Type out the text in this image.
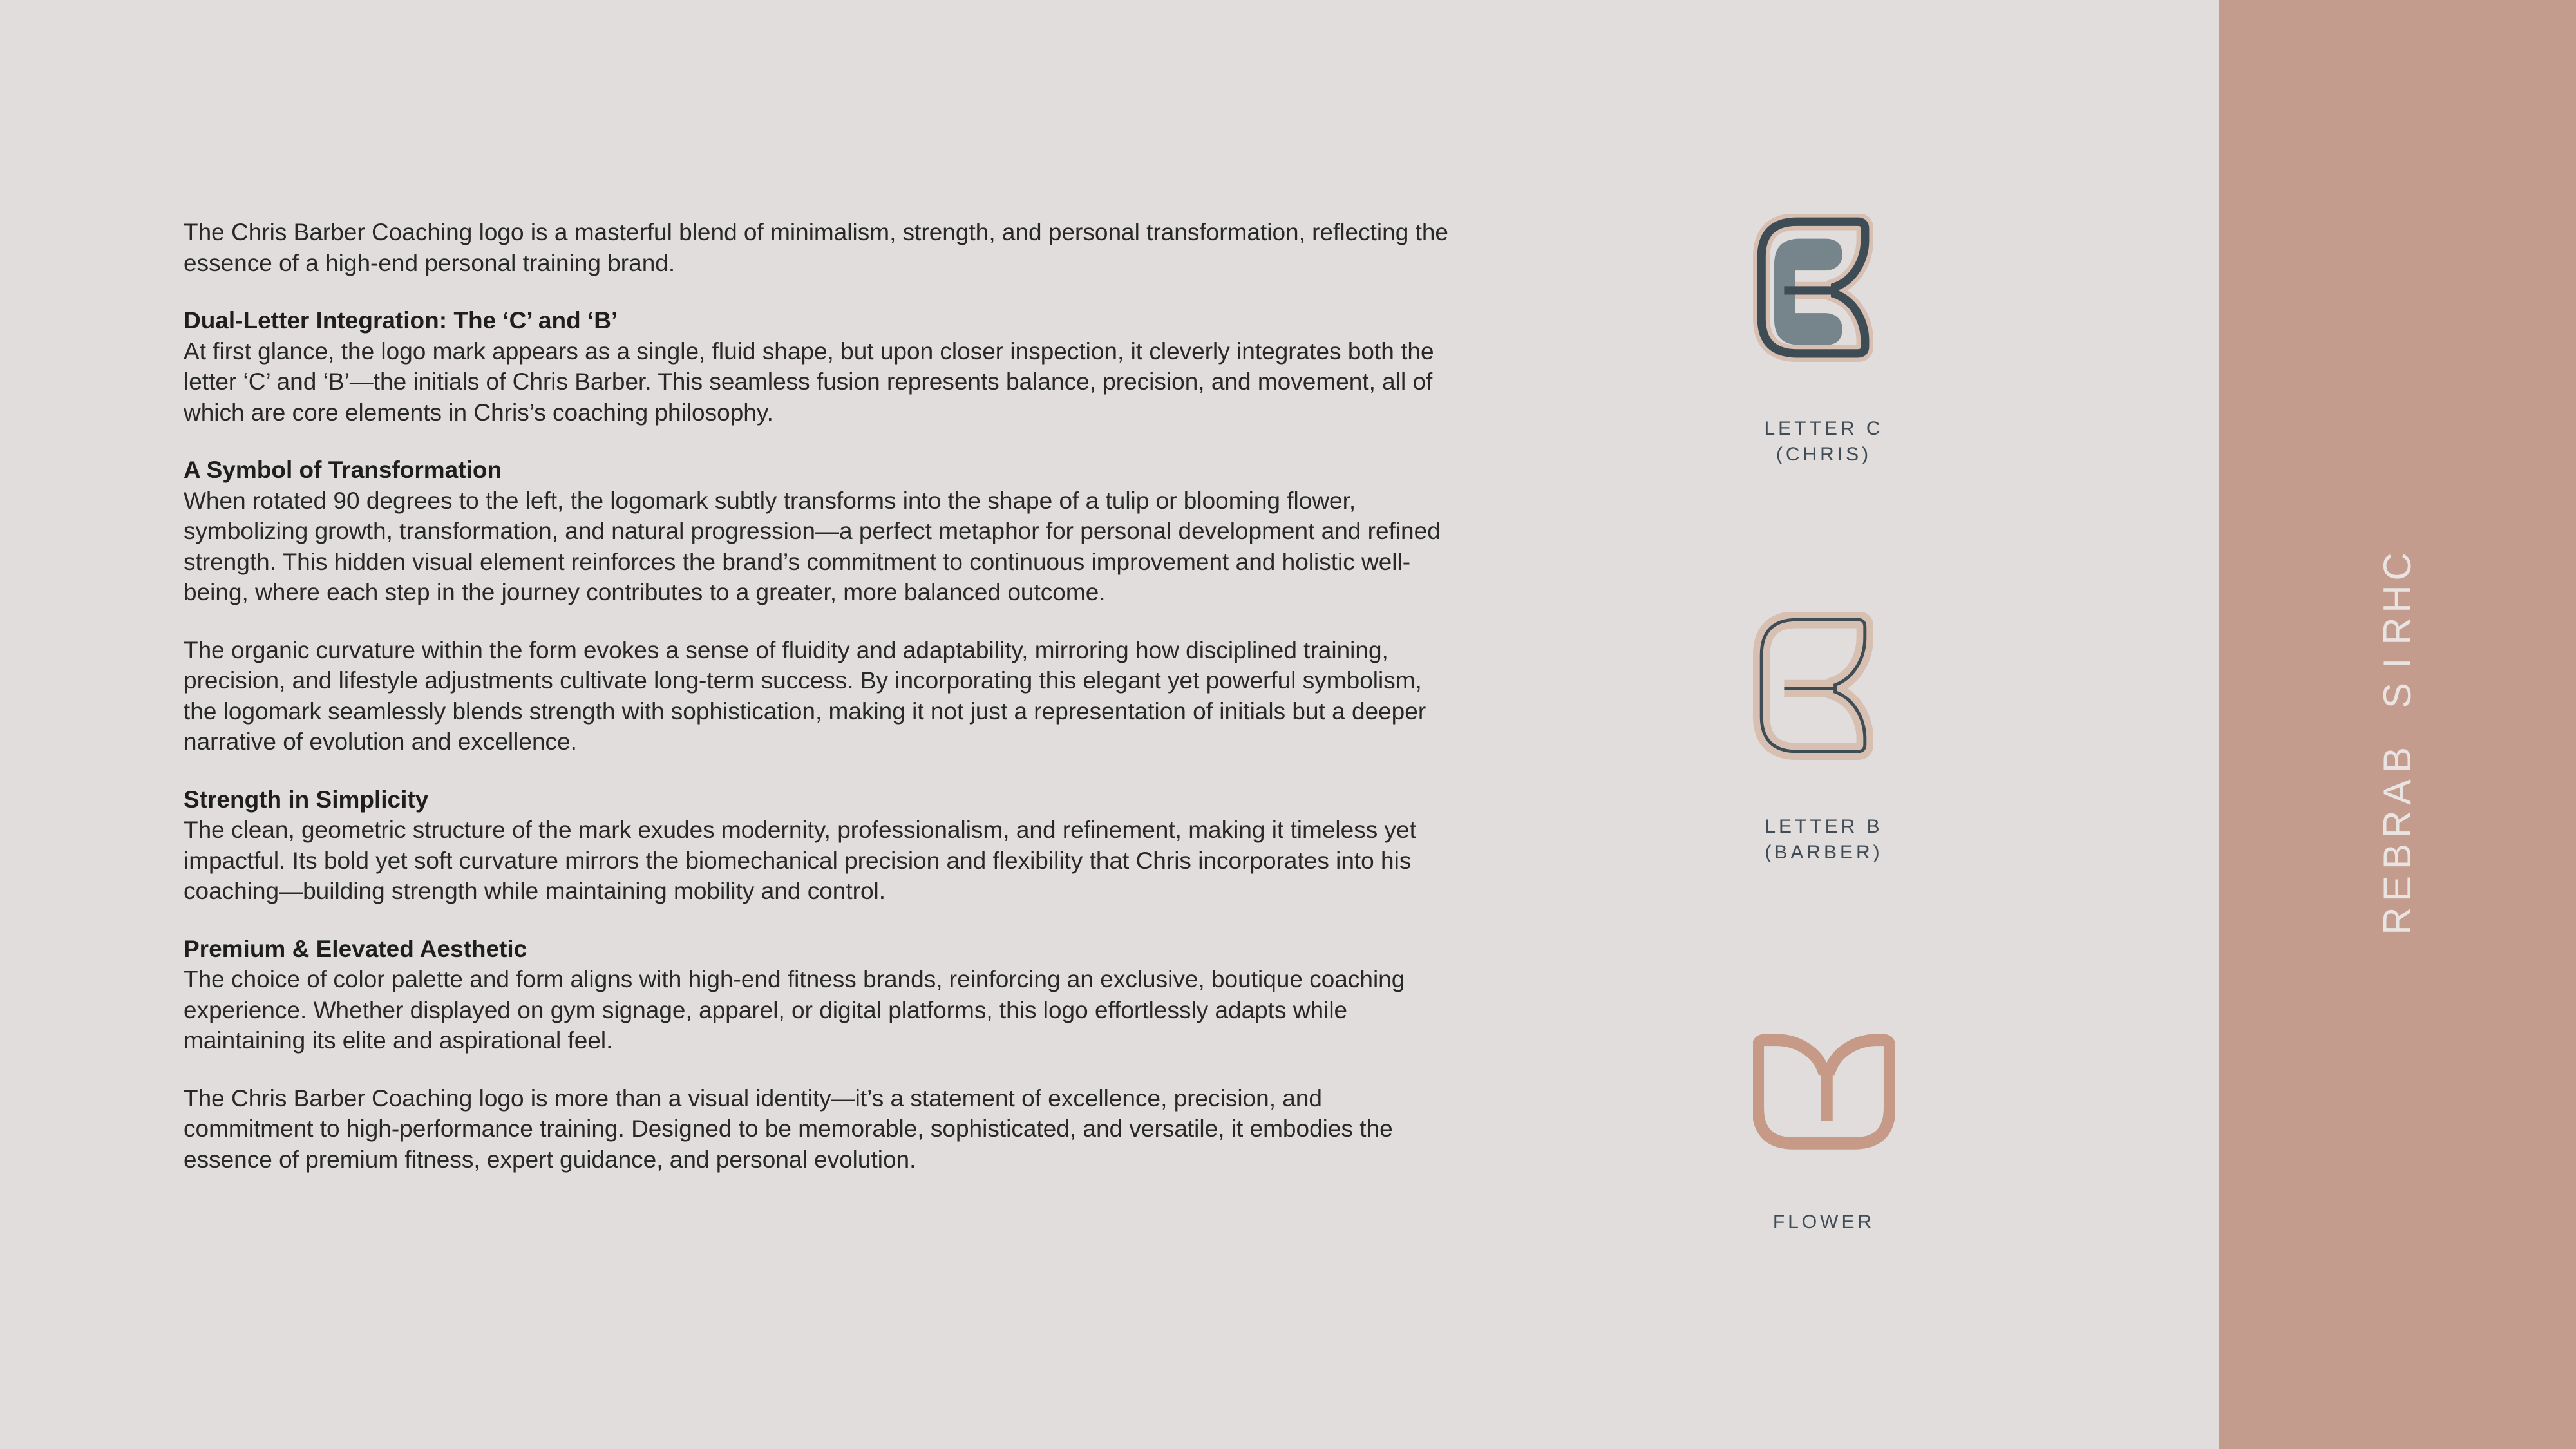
The Chris Barber Coaching logo is a masterful blend of minimalism, strength, and personal transformation, reflecting the essence of a high-end personal training brand.

Dual-Letter Integration: The ‘C’ and ‘B’

At first glance, the logo mark appears as a single, fluid shape, but upon closer inspection, it cleverly integrates both the letter ‘C’ and ‘B’—the initials of Chris Barber. This seamless fusion represents balance, precision, and movement, all of which are core elements in Chris’s coaching philosophy.

A Symbol of Transformation

When rotated 90 degrees to the left, the logomark subtly transforms into the shape of a tulip or blooming flower, symbolizing growth, transformation, and natural progression—a perfect metaphor for personal development and refined strength. This hidden visual element reinforces the brand’s commitment to continuous improvement and holistic well-being, where each step in the journey contributes to a greater, more balanced outcome.

The organic curvature within the form evokes a sense of fluidity and adaptability, mirroring how disciplined training, precision, and lifestyle adjustments cultivate long-term success. By incorporating this elegant yet powerful symbolism, the logomark seamlessly blends strength with sophistication, making it not just a representation of initials but a deeper narrative of evolution and excellence.

Strength in Simplicity

The clean, geometric structure of the mark exudes modernity, professionalism, and refinement, making it timeless yet impactful. Its bold yet soft curvature mirrors the biomechanical precision and flexibility that Chris incorporates into his coaching—building strength while maintaining mobility and control.

Premium & Elevated Aesthetic

The choice of color palette and form aligns with high-end fitness brands, reinforcing an exclusive, boutique coaching experience. Whether displayed on gym signage, apparel, or digital platforms, this logo effortlessly adapts while maintaining its elite and aspirational feel.

The Chris Barber Coaching logo is more than a visual identity—it’s a statement of excellence, precision, and commitment to high-performance training. Designed to be memorable, sophisticated, and versatile, it embodies the essence of premium fitness, expert guidance, and personal evolution.

LETTER C
(CHRIS)
LETTER B
(BARBER)
FLOWER
C
H
R
I
S
B
A
R
B
E
R
